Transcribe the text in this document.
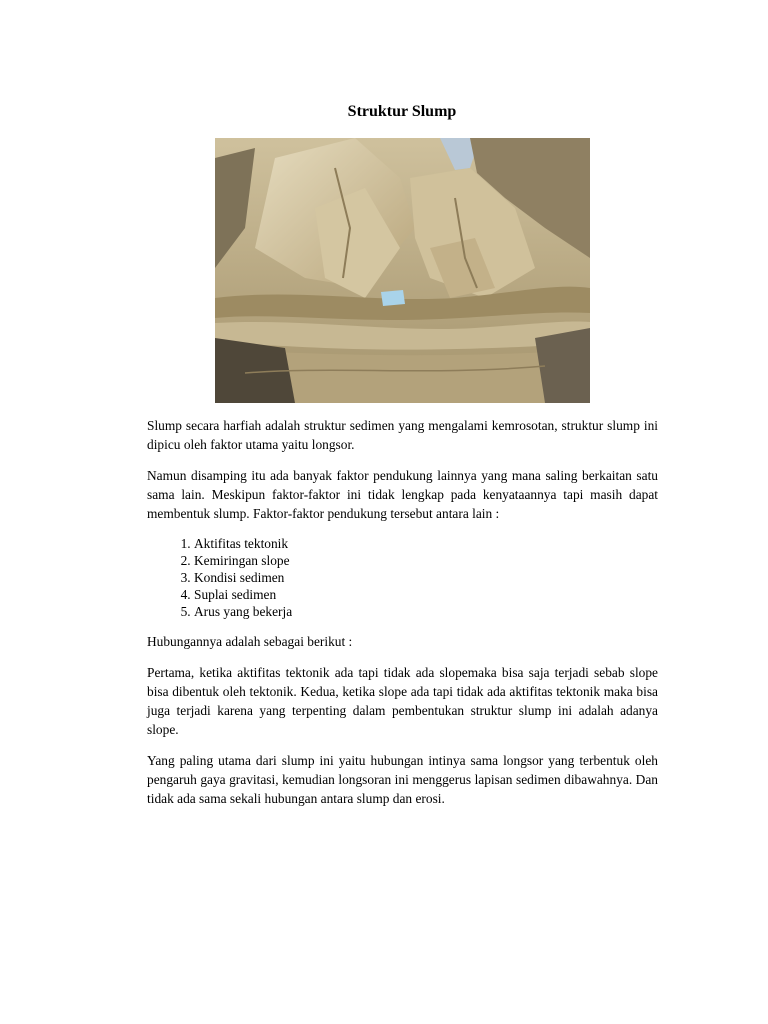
Struktur Slump

Slump secara harfiah adalah struktur sedimen yang mengalami kemrosotan, struktur slump ini dipicu oleh faktor utama yaitu longsor.

Namun disamping itu ada banyak faktor pendukung lainnya yang mana saling berkaitan satu sama lain. Meskipun faktor-faktor ini tidak lengkap pada kenyataannya tapi masih dapat membentuk slump. Faktor-faktor pendukung tersebut antara lain :

1. Aktifitas tektonik
2. Kemiringan slope
3. Kondisi sedimen
4. Suplai sedimen
5. Arus yang bekerja

Hubungannya adalah sebagai berikut :

Pertama, ketika aktifitas tektonik ada tapi tidak ada slopemaka bisa saja terjadi sebab slope bisa dibentuk oleh tektonik. Kedua, ketika slope ada tapi tidak ada aktifitas tektonik maka bisa juga terjadi karena yang terpenting dalam pembentukan struktur slump ini adalah adanya slope.

Yang paling utama dari slump ini yaitu hubungan intinya sama longsor yang terbentuk oleh pengaruh gaya gravitasi, kemudian longsoran ini menggerus lapisan sedimen dibawahnya. Dan tidak ada sama sekali hubungan antara slump dan erosi.
